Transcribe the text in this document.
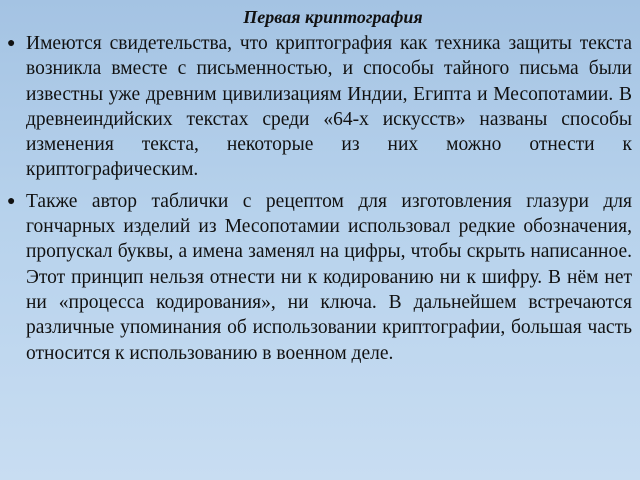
Первая криптография
● Имеются свидетельства, что криптография как техника защиты текста возникла вместе с письменностью, и способы тайного письма были известны уже древним цивилизациям Индии, Египта и Месопотамии. В древнеиндийских текстах среди «64-х искусств» названы способы изменения текста, некоторые из них можно отнести к криптографическим.
● Также автор таблички с рецептом для изготовления глазури для гончарных изделий из Месопотамии использовал редкие обозначения, пропускал буквы, а имена заменял на цифры, чтобы скрыть написанное. Этот принцип нельзя отнести ни к кодированию ни к шифру. В нём нет ни «процесса кодирования», ни ключа. В дальнейшем встречаются различные упоминания об использовании криптографии, большая часть относится к использованию в военном деле.
